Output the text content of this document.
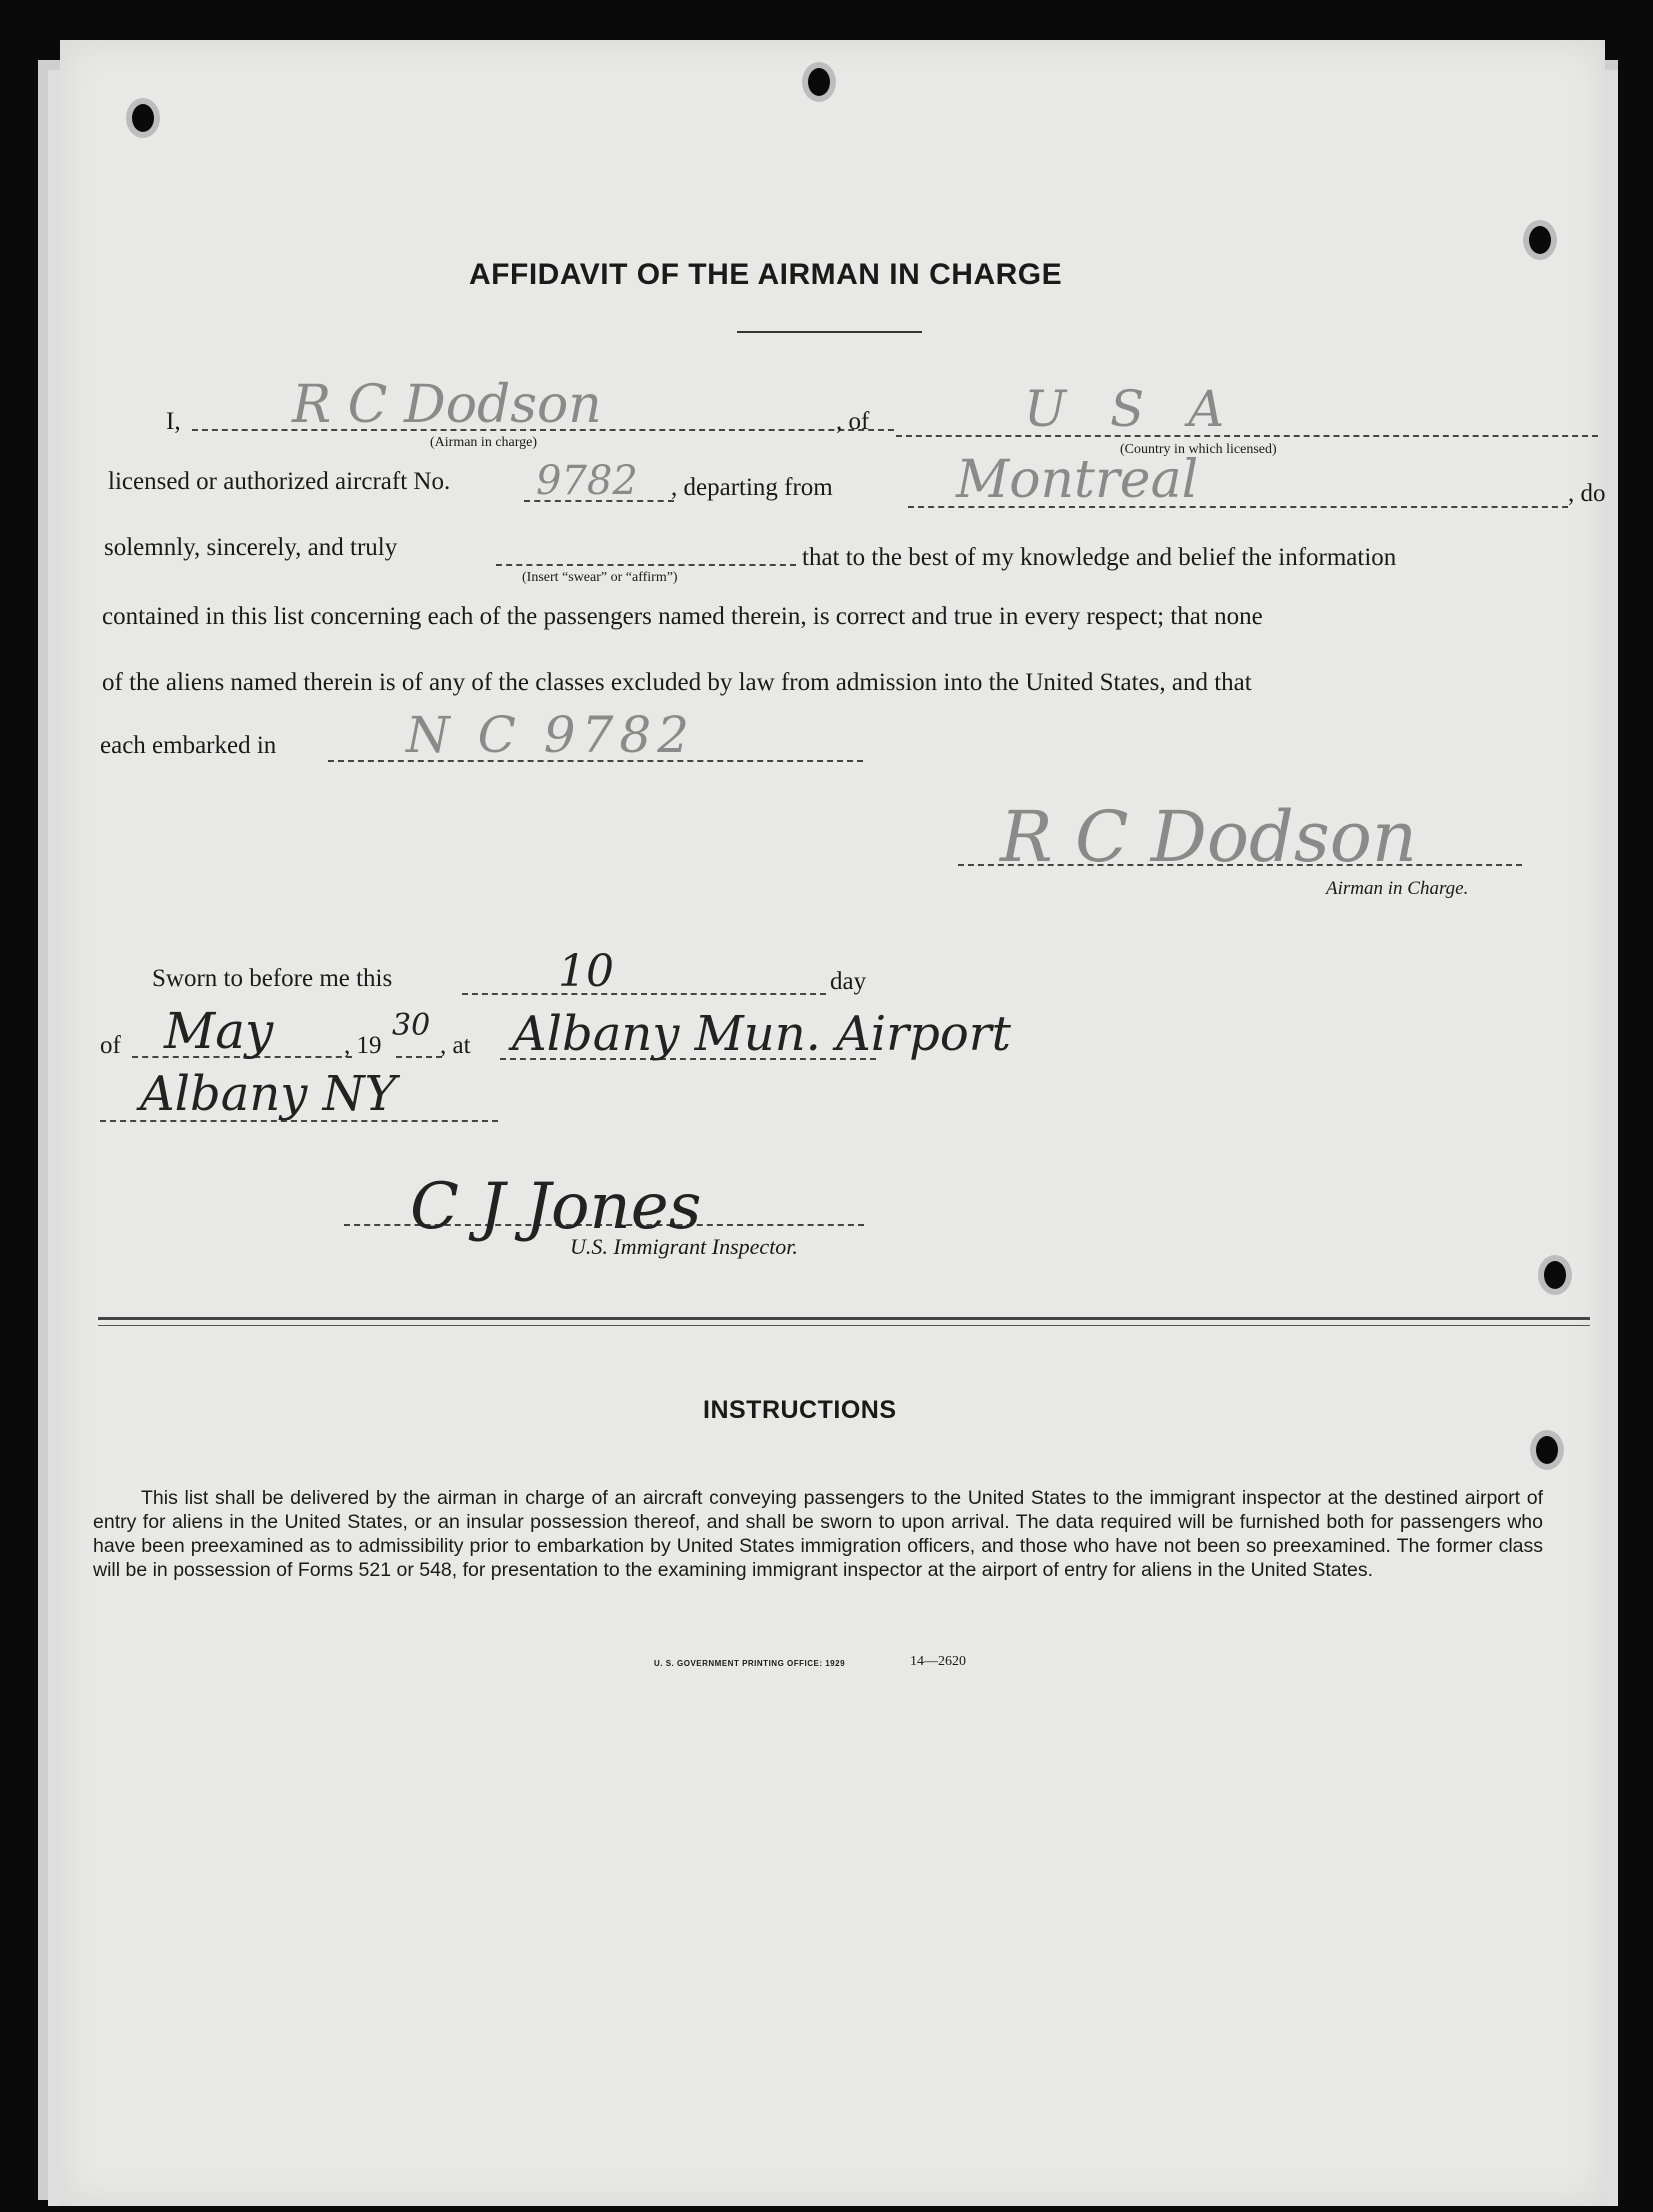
AFFIDAVIT OF THE AIRMAN IN CHARGE
I, R C Dodson
(Airman in charge)
, of	U S A
(Country in which licensed)
licensed or authorized aircraft No. 9782 , departing from Montreal	, do
solemnly, sincerely, and truly
(Insert “swear” or “affirm”)
that to the best of my knowledge and belief the information
contained in this list concerning each of the passengers named therein, is correct and true in every respect; that none
of the aliens named therein is of any of the classes excluded by law from admission into the United States, and that
each embarked in	N C 9782
R C Dodson
Airman in Charge.
Sworn to before me this	10	day
of May	, 19
30
, at Albany Mun. Airport
Albany NY
C J Jones
U.S. Immigrant Inspector.
INSTRUCTIONS
This list shall be delivered by the airman in charge of an aircraft conveying passengers to the United States to the immigrant inspector at the destined airport of entry for aliens in the United States, or an insular possession thereof, and shall be sworn to upon arrival. The data required will be furnished both for passengers who have been preexamined as to admissibility prior to embarkation by United States immigration officers, and those who have not been so preexamined. The former class will be in possession of Forms 521 or 548, for presentation to the examining immigrant inspector at the airport of entry for aliens in the United States.
U. S. GOVERNMENT PRINTING OFFICE: 1929	14—2620
